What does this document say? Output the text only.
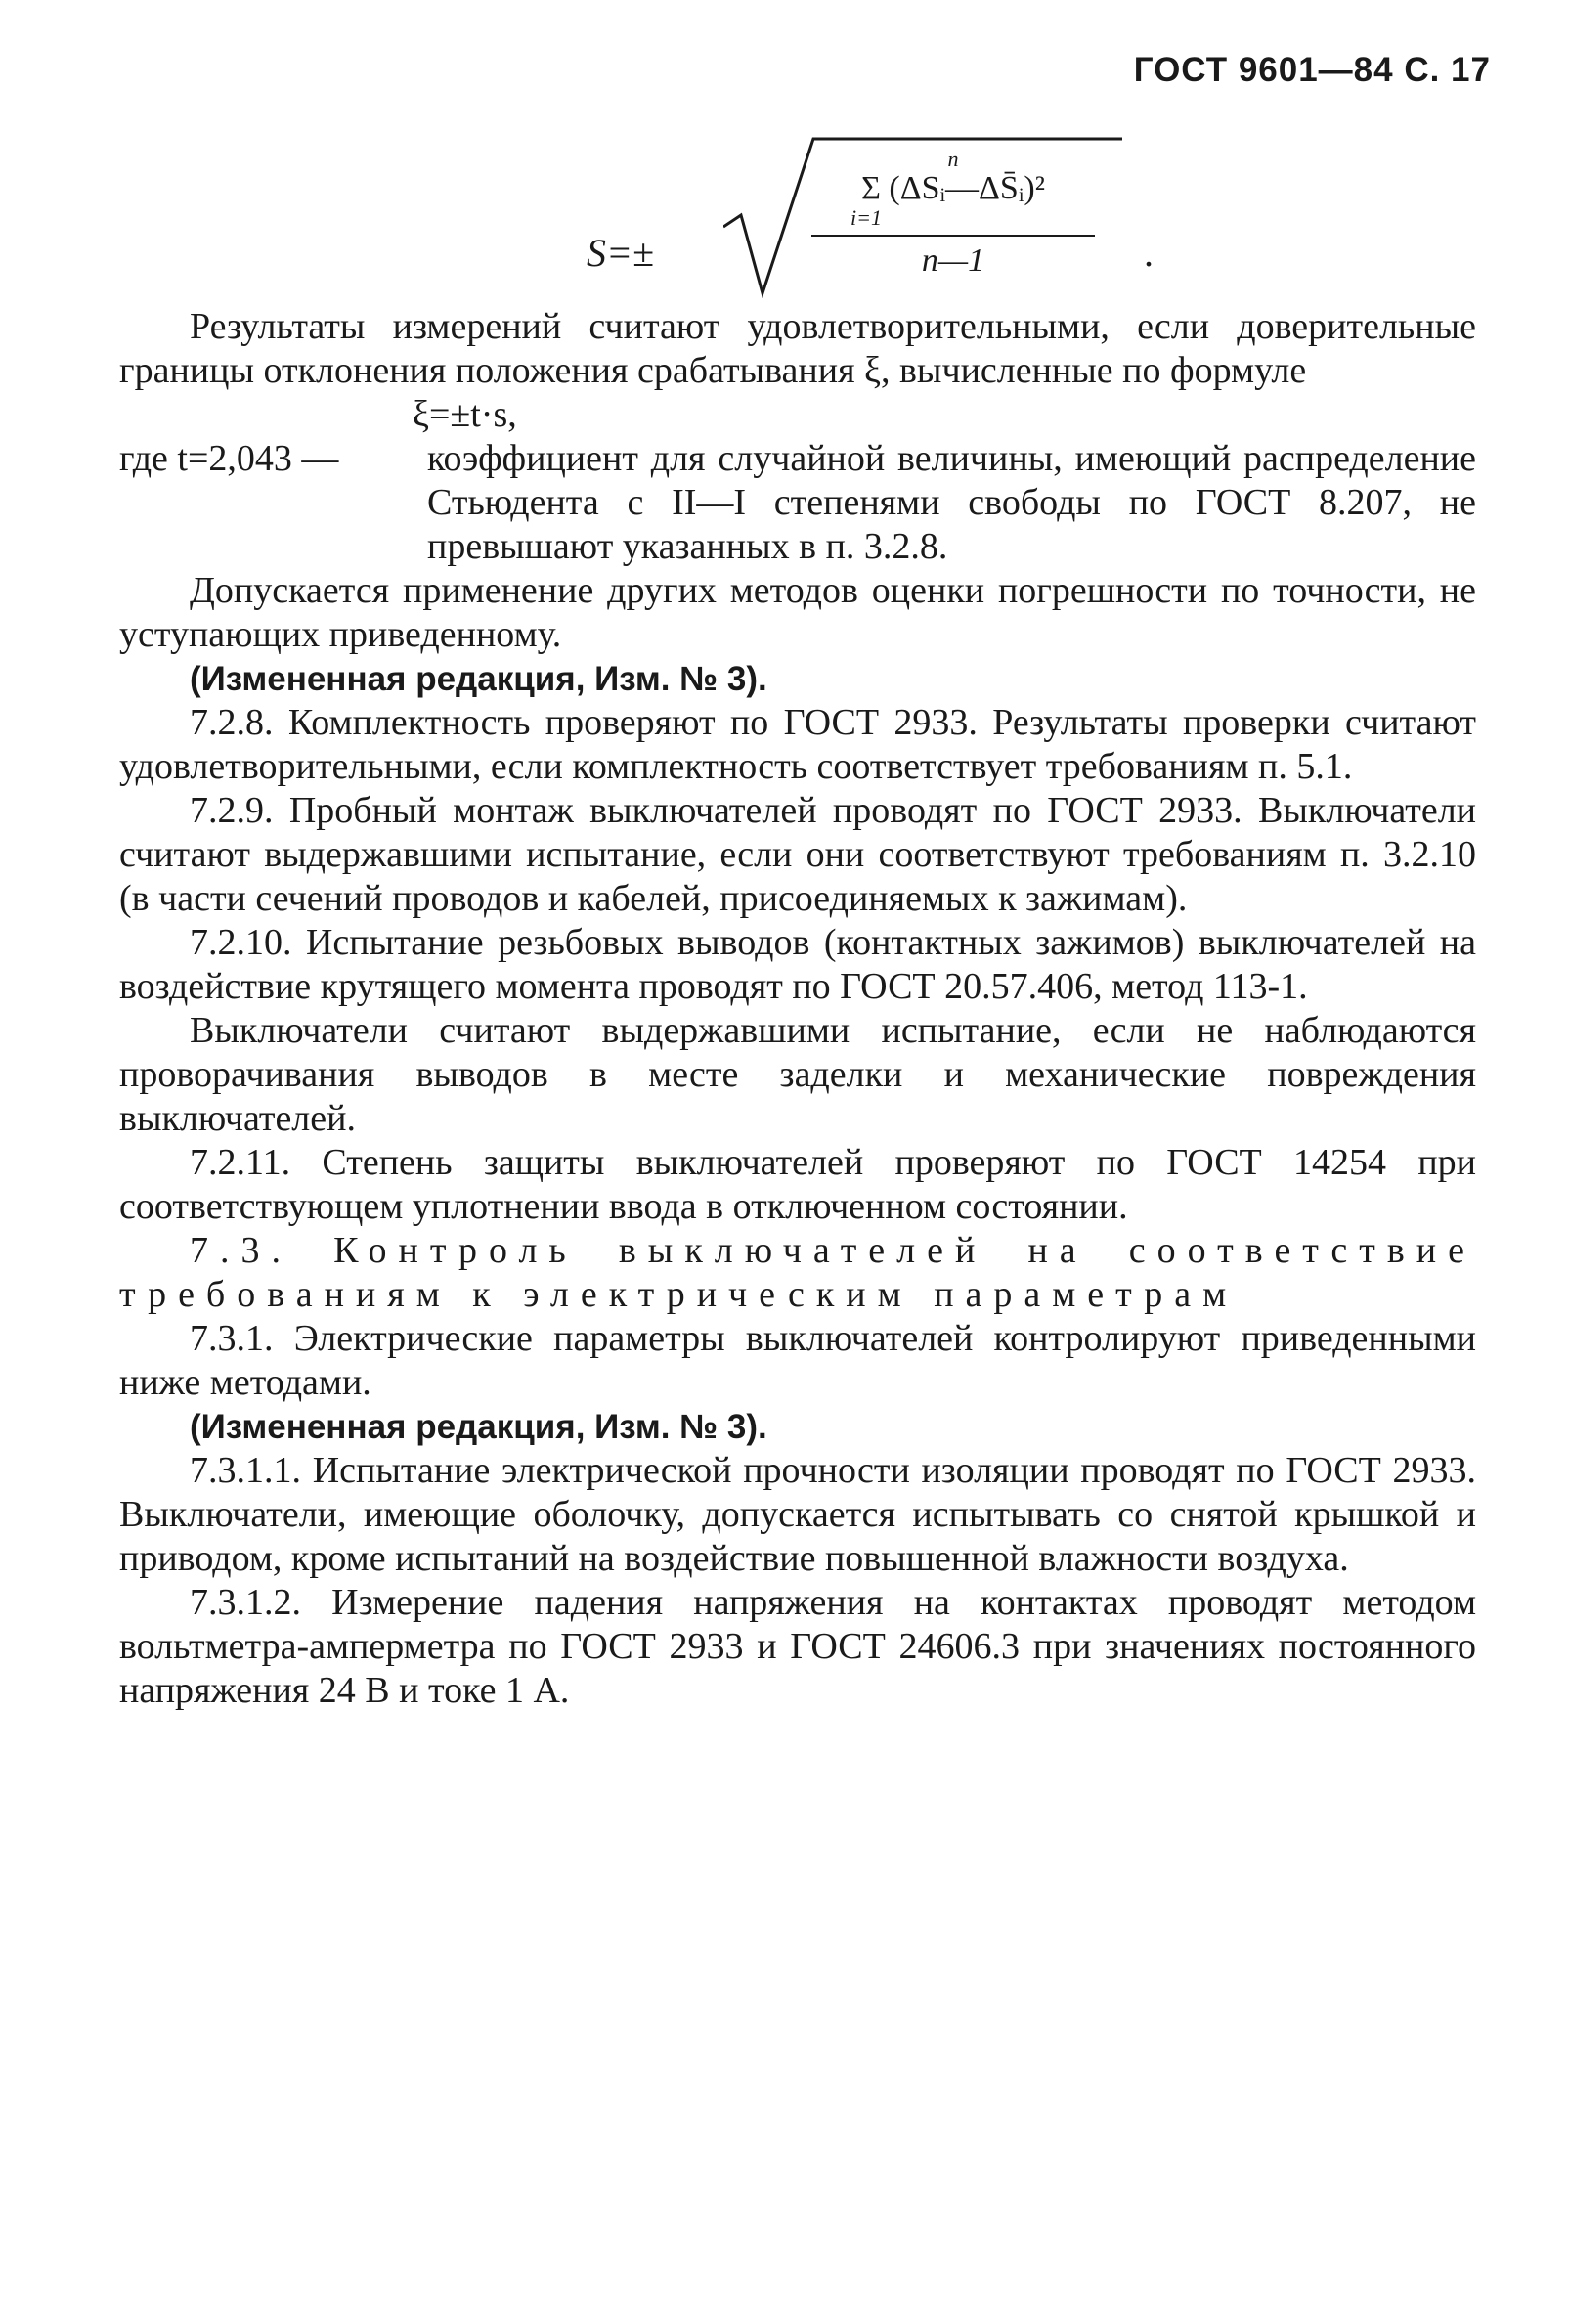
ГОСТ 9601—84 С. 17
S=±
n
Σ (ΔSᵢ—ΔS̄ᵢ)²
i=1
n—1	.

Результаты измерений считают удовлетворительными, если доверительные границы отклонения положения срабатывания ξ, вычисленные по формуле

ξ=±t·s,

где t=2,043 —	коэффициент для случайной величины, имеющий распределение Стьюдента с II—I степенями свободы по ГОСТ 8.207, не превышают указанных в п. 3.2.8.

Допускается применение других методов оценки погрешности по точности, не уступающих приведенному.

(Измененная редакция, Изм. № 3).

7.2.8. Комплектность проверяют по ГОСТ 2933. Результаты проверки считают удовлетворительными, если комплектность соответствует требованиям п. 5.1.

7.2.9. Пробный монтаж выключателей проводят по ГОСТ 2933. Выключатели считают выдержавшими испытание, если они соответствуют требованиям п. 3.2.10 (в части сечений проводов и кабелей, присоединяемых к зажимам).

7.2.10. Испытание резьбовых выводов (контактных зажимов) выключателей на воздействие крутящего момента проводят по ГОСТ 20.57.406, метод 113-1.

Выключатели считают выдержавшими испытание, если не наблюдаются проворачивания выводов в месте заделки и механические повреждения выключателей.

7.2.11. Степень защиты выключателей проверяют по ГОСТ 14254 при соответствующем уплотнении ввода в отключенном состоянии.

7.3. Контроль выключателей на соответствие требованиям к электрическим параметрам

7.3.1. Электрические параметры выключателей контролируют приведенными ниже методами.

(Измененная редакция, Изм. № 3).

7.3.1.1. Испытание электрической прочности изоляции проводят по ГОСТ 2933. Выключатели, имеющие оболочку, допускается испытывать со снятой крышкой и приводом, кроме испытаний на воздействие повышенной влажности воздуха.

7.3.1.2. Измерение падения напряжения на контактах проводят методом вольтметра-амперметра по ГОСТ 2933 и ГОСТ 24606.3 при значениях постоянного напряжения 24 В и токе 1 А.
